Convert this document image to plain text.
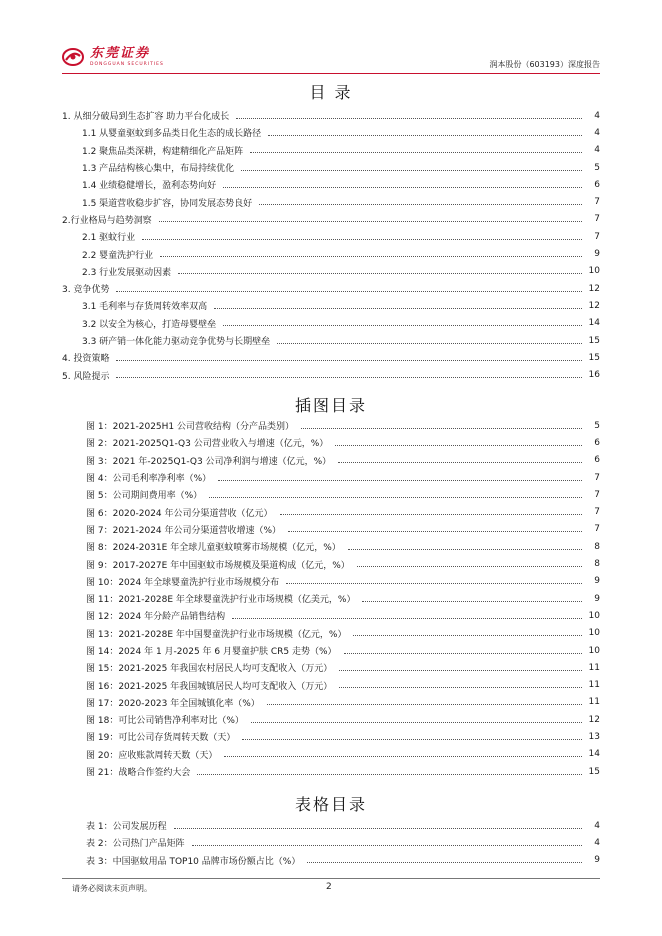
东莞证券
DONGGUAN SECURITIES	润本股份（603193）深度报告
目 录
1. 从细分破局到生态扩容 助力平台化成长	4
1.1 从婴童驱蚊到多品类日化生态的成长路径	4
1.2 聚焦品类深耕，构建精细化产品矩阵	4
1.3 产品结构核心集中，布局持续优化	5
1.4 业绩稳健增长，盈利态势向好	6
1.5 渠道营收稳步扩容，协同发展态势良好	7
2.行业格局与趋势洞察	7
2.1 驱蚊行业	7
2.2 婴童洗护行业	9
2.3 行业发展驱动因素	10
3. 竞争优势	12
3.1 毛利率与存货周转效率双高	12
3.2 以安全为核心，打造母婴壁垒	14
3.3 研产销一体化能力驱动竞争优势与长期壁垒	15
4. 投资策略	15
5. 风险提示	16
插图目录
图 1：2021-2025H1 公司营收结构（分产品类别）	5
图 2：2021-2025Q1-Q3 公司营业收入与增速（亿元，%）	6
图 3：2021 年-2025Q1-Q3 公司净利润与增速（亿元，%）	6
图 4：公司毛利率净利率（%）	7
图 5：公司期间费用率（%）	7
图 6：2020-2024 年公司分渠道营收（亿元）	7
图 7：2021-2024 年公司分渠道营收增速（%）	7
图 8：2024-2031E 年全球儿童驱蚊喷雾市场规模（亿元，%）	8
图 9：2017-2027E 年中国驱蚊市场规模及渠道构成（亿元，%）	8
图 10：2024 年全球婴童洗护行业市场规模分布	9
图 11：2021-2028E 年全球婴童洗护行业市场规模（亿美元，%）	9
图 12：2024 年分龄产品销售结构	10
图 13：2021-2028E 年中国婴童洗护行业市场规模（亿元，%）	10
图 14：2024 年 1 月-2025 年 6 月婴童护肤 CR5 走势（%）	10
图 15：2021-2025 年我国农村居民人均可支配收入（万元）	11
图 16：2021-2025 年我国城镇居民人均可支配收入（万元）	11
图 17：2020-2023 年全国城镇化率（%）	11
图 18：可比公司销售净利率对比（%）	12
图 19：可比公司存货周转天数（天）	13
图 20：应收账款周转天数（天）	14
图 21：战略合作签约大会	15
表格目录
表 1：公司发展历程	4
表 2：公司热门产品矩阵	4
表 3：中国驱蚊用品 TOP10 品牌市场份额占比（%）	9
请务必阅读末页声明。	2
